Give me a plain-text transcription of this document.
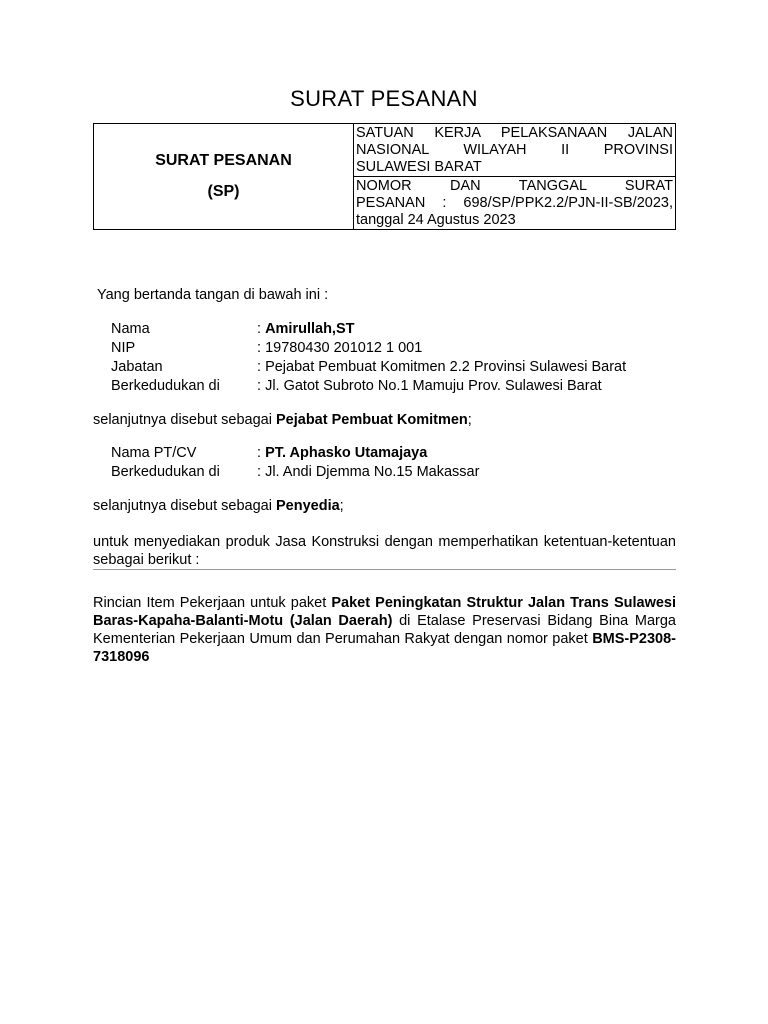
SURAT PESANAN
SURAT PESANAN
(SP)

SATUAN KERJA PELAKSANAAN JALAN
NASIONAL WILAYAH II PROVINSI
SULAWESI BARAT

NOMOR DAN TANGGAL SURAT
PESANAN : 698/SP/PPK2.2/PJN-II-SB/2023,
tanggal 24 Agustus 2023
Yang bertanda tangan di bawah ini :
Nama	: Amirullah,ST
NIP	: 19780430 201012 1 001
Jabatan	: Pejabat Pembuat Komitmen 2.2 Provinsi Sulawesi Barat
Berkedudukan di	: Jl. Gatot Subroto No.1 Mamuju Prov. Sulawesi Barat
selanjutnya disebut sebagai Pejabat Pembuat Komitmen;
Nama PT/CV	: PT. Aphasko Utamajaya
Berkedudukan di	: Jl. Andi Djemma No.15 Makassar
selanjutnya disebut sebagai Penyedia;
untuk menyediakan produk Jasa Konstruksi dengan memperhatikan ketentuan-ketentuan sebagai berikut :
Rincian Item Pekerjaan untuk paket Paket Peningkatan Struktur Jalan Trans Sulawesi Baras-Kapaha-Balanti-Motu (Jalan Daerah) di Etalase Preservasi Bidang Bina Marga Kementerian Pekerjaan Umum dan Perumahan Rakyat dengan nomor paket BMS-P2308-7318096
